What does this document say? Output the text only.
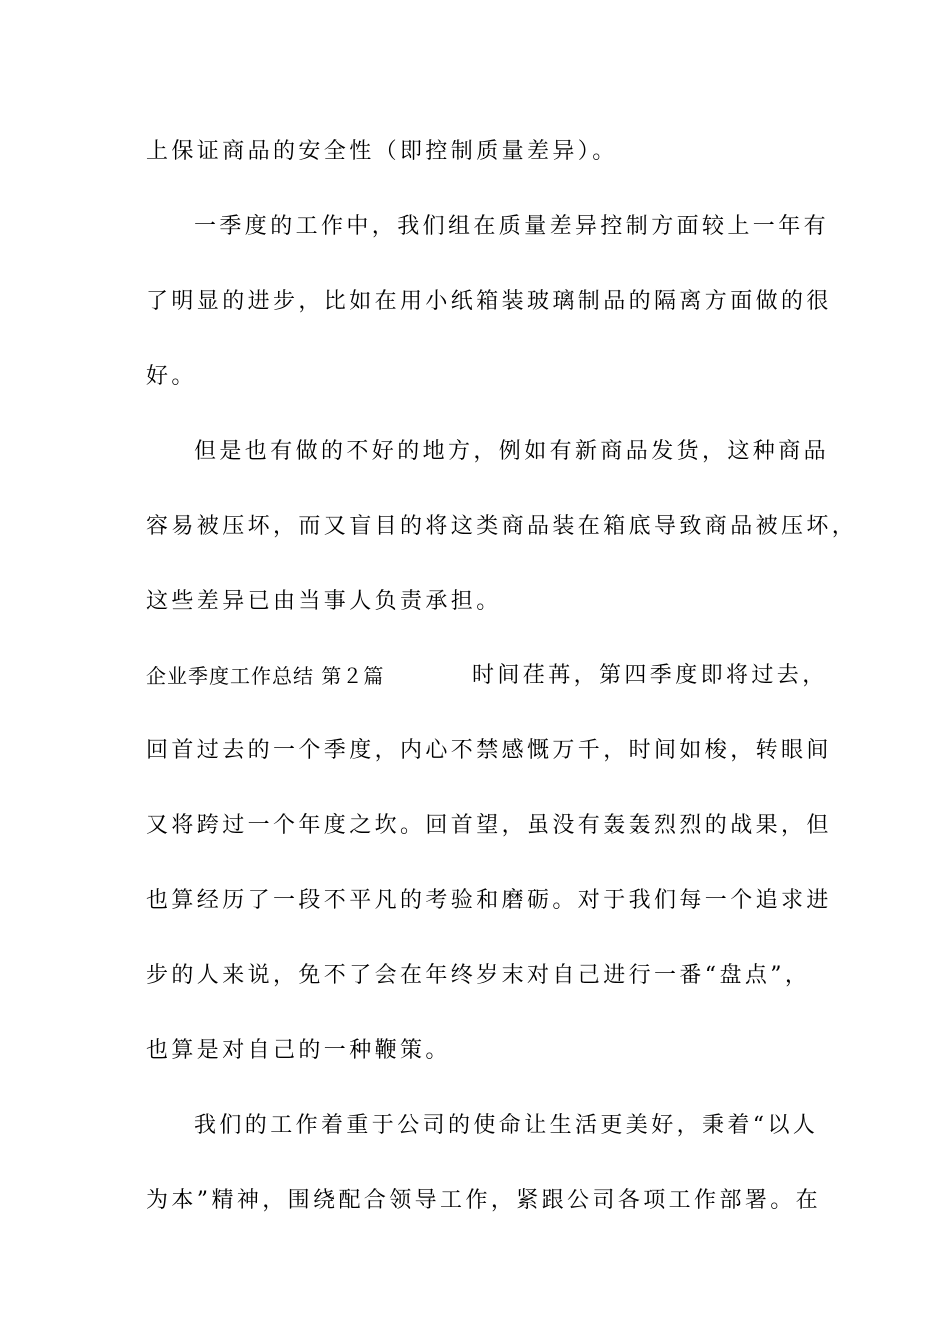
上保证商品的安全性（即控制质量差异）。
一季度的工作中，我们组在质量差异控制方面较上一年有
了明显的进步，比如在用小纸箱装玻璃制品的隔离方面做的很
好。
但是也有做的不好的地方，例如有新商品发货，这种商品
容易被压坏，而又盲目的将这类商品装在箱底导致商品被压坏，
这些差异已由当事人负责承担。
企业季度工作总结 第２篇	时间荏苒，第四季度即将过去，
回首过去的一个季度，内心不禁感慨万千，时间如梭，转眼间
又将跨过一个年度之坎。回首望，虽没有轰轰烈烈的战果，但
也算经历了一段不平凡的考验和磨砺。对于我们每一个追求进
步的人来说，免不了会在年终岁末对自己进行一番“盘点”，
也算是对自己的一种鞭策。
我们的工作着重于公司的使命让生活更美好，秉着“以人
为本”精神，围绕配合领导工作，紧跟公司各项工作部署。在
